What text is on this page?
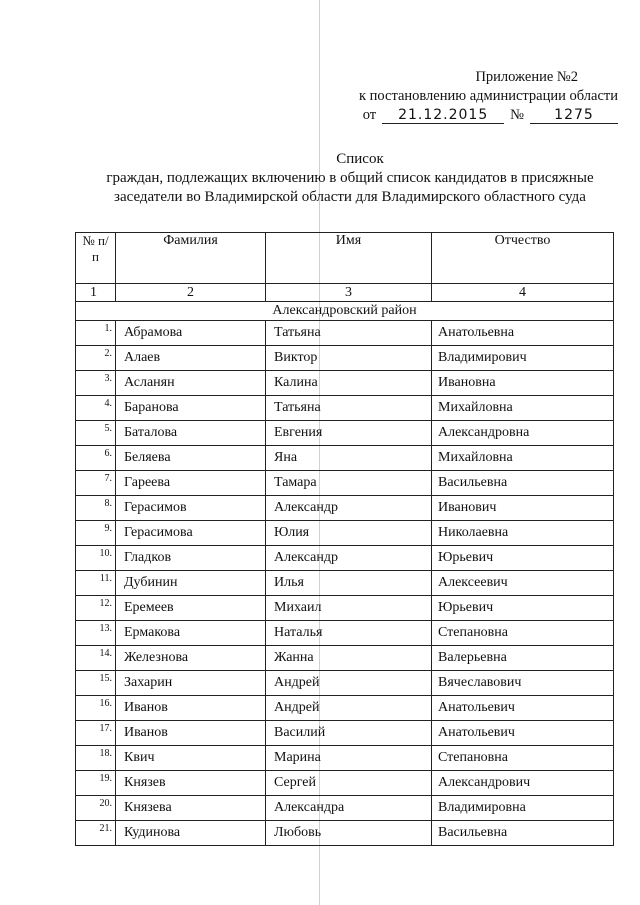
Приложение №2
к постановлению администрации области
от	21.12.2015	№	1275
Список
граждан, подлежащих включению в общий список кандидатов в присяжные
заседатели во Владимирской области для Владимирского областного суда
№ п/п	Фамилия	Имя	Отчество
1	2	3	4
Александровский район			
1.	Абрамова	Татьяна	Анатольевна
2.	Алаев	Виктор	Владимирович
3.	Асланян	Калина	Ивановна
4.	Баранова	Татьяна	Михайловна
5.	Баталова	Евгения	Александровна
6.	Беляева	Яна	Михайловна
7.	Гареева	Тамара	Васильевна
8.	Герасимов	Александр	Иванович
9.	Герасимова	Юлия	Николаевна
10.	Гладков	Александр	Юрьевич
11.	Дубинин	Илья	Алексеевич
12.	Еремеев	Михаил	Юрьевич
13.	Ермакова	Наталья	Степановна
14.	Железнова	Жанна	Валерьевна
15.	Захарин	Андрей	Вячеславович
16.	Иванов	Андрей	Анатольевич
17.	Иванов	Василий	Анатольевич
18.	Квич	Марина	Степановна
19.	Князев	Сергей	Александрович
20.	Князева	Александра	Владимировна
21.	Кудинова	Любовь	Васильевна
